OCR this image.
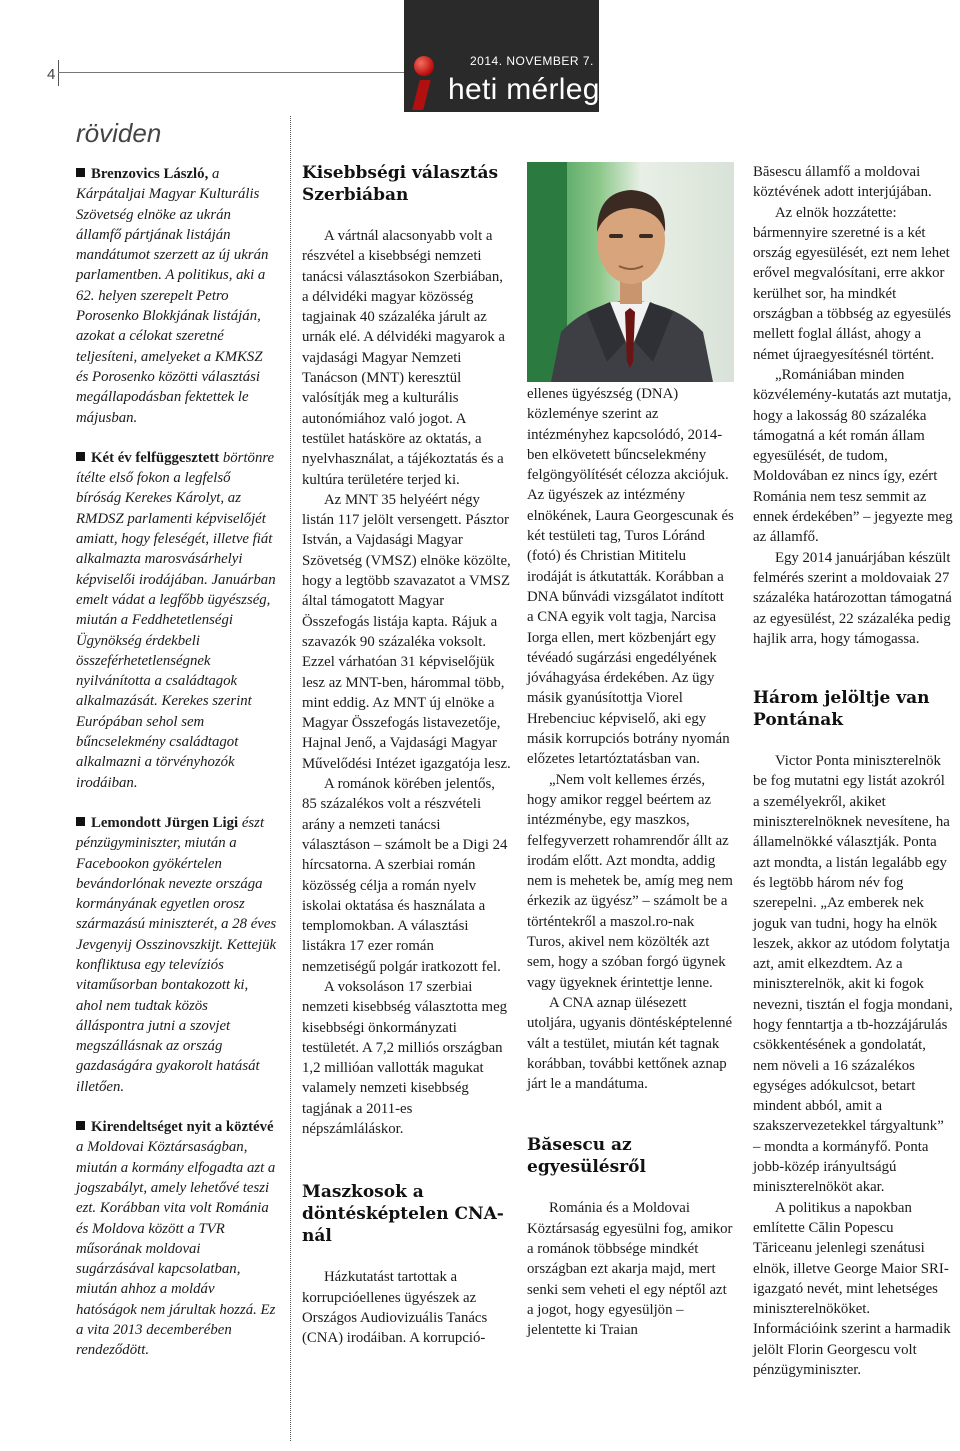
4
2014. NOVEMBER 7.
heti mérleg
röviden

Brenzovics László, a Kárpátaljai Magyar Kulturális Szövetség elnöke az ukrán államfő pártjának listáján mandátumot szerzett az új ukrán parlamentben. A politikus, aki a 62. helyen szerepelt Petro Porosenko Blokkjának listáján, azokat a célokat szeretné teljesíteni, amelyeket a KMKSZ és Porosenko közötti választási megállapodásban fektettek le májusban.

Két év felfüggesztett börtönre ítélte első fokon a legfelső bíróság Kerekes Károlyt, az RMDSZ parlamenti képviselőjét amiatt, hogy feleségét, illetve fiát alkalmazta marosvásárhelyi képviselői irodájában. Januárban emelt vádat a legfőbb ügyészség, miután a Feddhetetlenségi Ügynökség érdekbeli összeférhetetlenségnek nyilvánította a családtagok alkalmazását. Kerekes szerint Európában sehol sem bűncselekmény családtagot alkalmazni a törvényhozók irodáiban.

Lemondott Jürgen Ligi észt pénzügyminiszter, miután a Facebookon gyökértelen bevándorlónak nevezte országa kormányának egyetlen orosz származású miniszterét, a 28 éves Jevgenyij Osszinovszkijt. Kettejük konfliktusa egy televíziós vitaműsorban bontakozott ki, ahol nem tudtak közös álláspontra jutni a szovjet megszállásnak az ország gazdaságára gyakorolt hatását illetően.

Kirendeltséget nyit a köztévé a Moldovai Köztársaságban, miután a kormány elfogadta azt a jogszabályt, amely lehetővé teszi ezt. Korábban vita volt Románia és Moldova között a TVR műsorának moldovai sugárzásával kapcsolatban, miután ahhoz a moldáv hatóságok nem járultak hozzá. Ez a vita 2013 decemberében rendeződött.

Kisebbségi választás Szerbiában

A vártnál alacsonyabb volt a részvétel a kisebbségi nemzeti tanácsi választásokon Szerbiában, a délvidéki magyar közösség tagjainak 40 százaléka járult az urnák elé. A délvidéki magyarok a vajdasági Magyar Nemzeti Tanácson (MNT) keresztül valósítják meg a kulturális autonómiához való jogot. A testület hatásköre az oktatás, a nyelvhasználat, a tájékoztatás és a kultúra területére terjed ki.

Az MNT 35 helyéért négy listán 117 jelölt versengett. Pásztor István, a Vajdasági Magyar Szövetség (VMSZ) elnöke közölte, hogy a legtöbb szavazatot a VMSZ által támogatott Magyar Összefogás listája kapta. Rájuk a szavazók 90 százaléka voksolt. Ezzel várhatóan 31 képviselőjük lesz az MNT-ben, hárommal több, mint eddig. Az MNT új elnöke a Magyar Összefogás listavezetője, Hajnal Jenő, a Vajdasági Magyar Művelődési Intézet igazgatója lesz.

A románok körében jelentős, 85 százalékos volt a részvételi arány a nemzeti tanácsi választáson – számolt be a Digi 24 hírcsatorna. A szerbiai román közösség célja a román nyelv iskolai oktatása és használata a templomokban. A választási listákra 17 ezer román nemzetiségű polgár iratkozott fel.

A voksoláson 17 szerbiai nemzeti kisebbség választotta meg kisebbségi önkormányzati testületét. A 7,2 milliós országban 1,2 millióan vallották magukat valamely nemzeti kisebbség tagjának a 2011-es népszámláláskor.

Maszkosok a döntésképtelen CNA-nál

Házkutatást tartottak a korrupcióellenes ügyészek az Országos Audiovizuális Tanács (CNA) irodáiban. A korrupció-

ellenes ügyészség (DNA) közleménye szerint az intézményhez kapcsolódó, 2014-ben elkövetett bűncselekmény felgöngyölítését célozza akciójuk. Az ügyészek az intézmény elnökének, Laura Georgescunak és két testületi tag, Turos Lóránd (fotó) és Christian Mititelu irodáját is átkutatták. Korábban a DNA bűnvádi vizsgálatot indított a CNA egyik volt tagja, Narcisa Iorga ellen, mert közbenjárt egy tévéadó sugárzási engedélyének jóváhagyása érdekében. Az ügy másik gyanúsítottja Viorel Hrebenciuc képviselő, aki egy másik korrupciós botrány nyomán előzetes letartóztatásban van.

„Nem volt kellemes érzés, hogy amikor reggel beértem az intézménybe, egy maszkos, felfegyverzett rohamrendőr állt az irodám előtt. Azt mondta, addig nem is mehetek be, amíg meg nem érkezik az ügyész” – számolt be a történtekről a maszol.ro-nak Turos, akivel nem közölték azt sem, hogy a szóban forgó ügynek vagy ügyeknek érintettje lenne.

A CNA aznap ülésezett utoljára, ugyanis döntésképtelenné vált a testület, miután két tagnak korábban, további kettőnek aznap járt le a mandátuma.

Băsescu az egyesülésről

Románia és a Moldovai Köztársaság egyesülni fog, amikor a románok többsége mindkét országban ezt akarja majd, mert senki sem veheti el egy néptől azt a jogot, hogy egyesüljön – jelentette ki Traian

Băsescu államfő a moldovai köztévének adott interjújában.

Az elnök hozzátette: bármennyire szeretné is a két ország egyesülését, ezt nem lehet erővel megvalósítani, erre akkor kerülhet sor, ha mindkét országban a többség az egyesülés mellett foglal állást, ahogy a német újraegyesítésnél történt.

„Romániában minden közvélemény-kutatás azt mutatja, hogy a lakosság 80 százaléka támogatná a két román állam egyesülését, de tudom, Moldovában ez nincs így, ezért Románia nem tesz semmit az ennek érdekében” – jegyezte meg az államfő.

Egy 2014 januárjában készült felmérés szerint a moldovaiak 27 százaléka határozottan támogatná az egyesülést, 22 százaléka pedig hajlik arra, hogy támogassa.

Három jelöltje van Pontának

Victor Ponta miniszterelnök be fog mutatni egy listát azokról a személyekről, akiket miniszterelnöknek nevesítene, ha államelnökké választják. Ponta azt mondta, a listán legalább egy és legtöbb három név fog szerepelni. „Az emberek nek joguk van tudni, hogy ha elnök leszek, akkor az utódom folytatja azt, amit elkezdtem. Az a miniszterelnök, akit ki fogok nevezni, tisztán el fogja mondani, hogy fenntartja a tb-hozzájárulás csökkentésének a gondolatát, nem növeli a 16 százalékos egységes adókulcsot, betart mindent abból, amit a szakszervezetekkel tárgyaltunk” – mondta a kormányfő. Ponta jobb-közép irányultságú miniszterelnököt akar.

A politikus a napokban említette Călin Popescu Tăriceanu jelenlegi szenátusi elnök, illetve George Maior SRI-igazgató nevét, mint lehetséges miniszterelnököket. Információink szerint a harmadik jelölt Florin Georgescu volt pénzügyminiszter.
